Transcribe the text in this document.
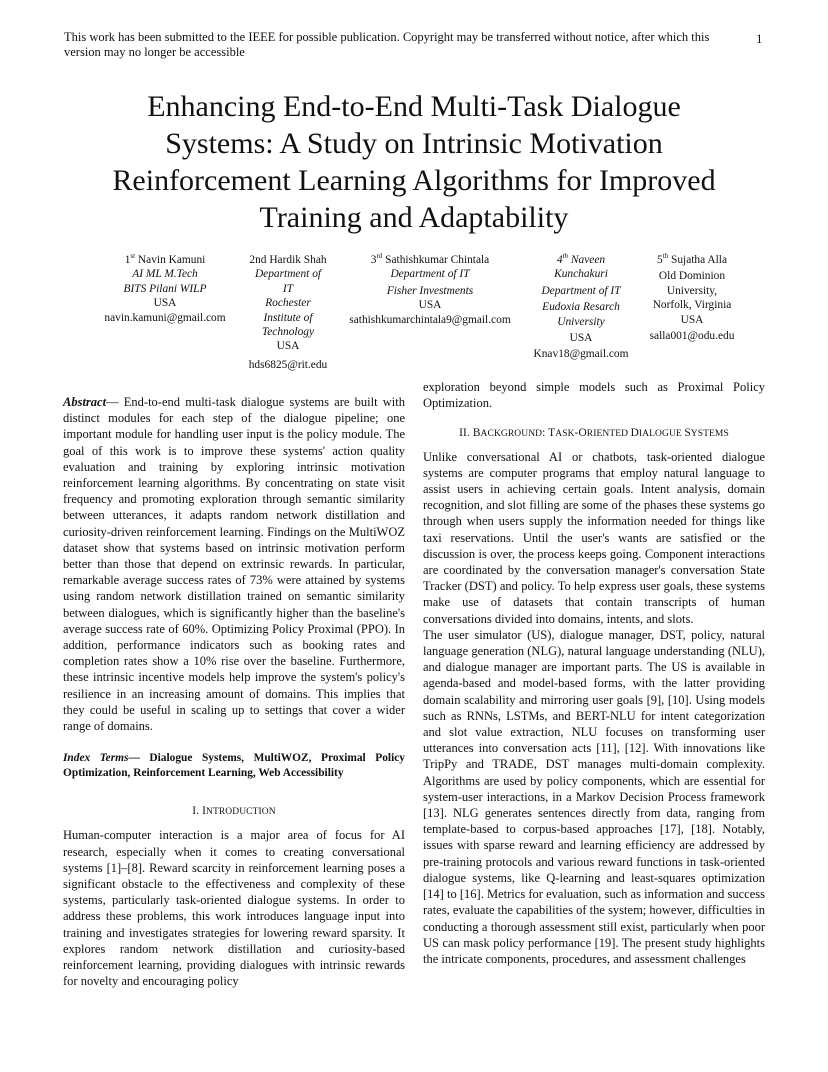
This work has been submitted to the IEEE for possible publication. Copyright may be transferred without notice, after which this version may no longer be accessible
1
Enhancing End-to-End Multi-Task Dialogue Systems: A Study on Intrinsic Motivation Reinforcement Learning Algorithms for Improved Training and Adaptability
1st Navin Kamuni
AI ML M.Tech
BITS Pilani WILP
USA
navin.kamuni@gmail.com
2nd Hardik Shah
Department of
IT
Rochester
Institute of
Technology
USA
hds6825@rit.edu
3rd Sathishkumar Chintala
Department of IT
Fisher Investments
USA
sathishkumarchintala9@gmail.com
4th Naveen
Kunchakuri
Department of IT
Eudoxia Resarch
University
USA
Knav18@gmail.com
5th Sujatha Alla
Old Dominion
University,
Norfolk, Virginia
USA
salla001@odu.edu

Abstract— End-to-end multi-task dialogue systems are built with distinct modules for each step of the dialogue pipeline; one important module for handling user input is the policy module. The goal of this work is to improve these systems' action quality evaluation and training by exploring intrinsic motivation reinforcement learning algorithms. By concentrating on state visit frequency and promoting exploration through semantic similarity between utterances, it adapts random network distillation and curiosity-driven reinforcement learning. Findings on the MultiWOZ dataset show that systems based on intrinsic motivation perform better than those that depend on extrinsic rewards. In particular, remarkable average success rates of 73% were attained by systems using random network distillation trained on semantic similarity between dialogues, which is significantly higher than the baseline's average success rate of 60%. Optimizing Policy Proximal (PPO). In addition, performance indicators such as booking rates and completion rates show a 10% rise over the baseline. Furthermore, these intrinsic incentive models help improve the system's policy's resilience in an increasing amount of domains. This implies that they could be useful in scaling up to settings that cover a wider range of domains.

Index Terms— Dialogue Systems, MultiWOZ, Proximal Policy Optimization, Reinforcement Learning, Web Accessibility

I. INTRODUCTION

Human-computer interaction is a major area of focus for AI research, especially when it comes to creating conversational systems [1]–[8]. Reward scarcity in reinforcement learning poses a significant obstacle to the effectiveness and complexity of these systems, particularly task-oriented dialogue systems. In order to address these problems, this work introduces language input into training and investigates strategies for lowering reward sparsity. It explores random network distillation and curiosity-based reinforcement learning, providing dialogues with intrinsic rewards for novelty and encouraging policy

exploration beyond simple models such as Proximal Policy Optimization.

II. BACKGROUND: TASK-ORIENTED DIALOGUE SYSTEMS

Unlike conversational AI or chatbots, task-oriented dialogue systems are computer programs that employ natural language to assist users in achieving certain goals. Intent analysis, domain recognition, and slot filling are some of the phases these systems go through when users supply the information needed for things like taxi reservations. Until the user's wants are satisfied or the discussion is over, the process keeps going. Component interactions are coordinated by the conversation manager's conversation State Tracker (DST) and policy. To help express user goals, these systems make use of datasets that contain transcripts of human conversations divided into domains, intents, and slots.

The user simulator (US), dialogue manager, DST, policy, natural language generation (NLG), natural language understanding (NLU), and dialogue manager are important parts. The US is available in agenda-based and model-based forms, with the latter providing domain scalability and mirroring user goals [9], [10]. Using models such as RNNs, LSTMs, and BERT-NLU for intent categorization and slot value extraction, NLU focuses on transforming user utterances into conversation acts [11], [12]. With innovations like TripPy and TRADE, DST manages multi-domain complexity. Algorithms are used by policy components, which are essential for system-user interactions, in a Markov Decision Process framework [13]. NLG generates sentences directly from data, ranging from template-based to corpus-based approaches [17], [18]. Notably, issues with sparse reward and learning efficiency are addressed by pre-training protocols and various reward functions in task-oriented dialogue systems, like Q-learning and least-squares optimization [14] to [16]. Metrics for evaluation, such as information and success rates, evaluate the capabilities of the system; however, difficulties in conducting a thorough assessment still exist, particularly when poor US can mask policy performance [19]. The present study highlights the intricate components, procedures, and assessment challenges
